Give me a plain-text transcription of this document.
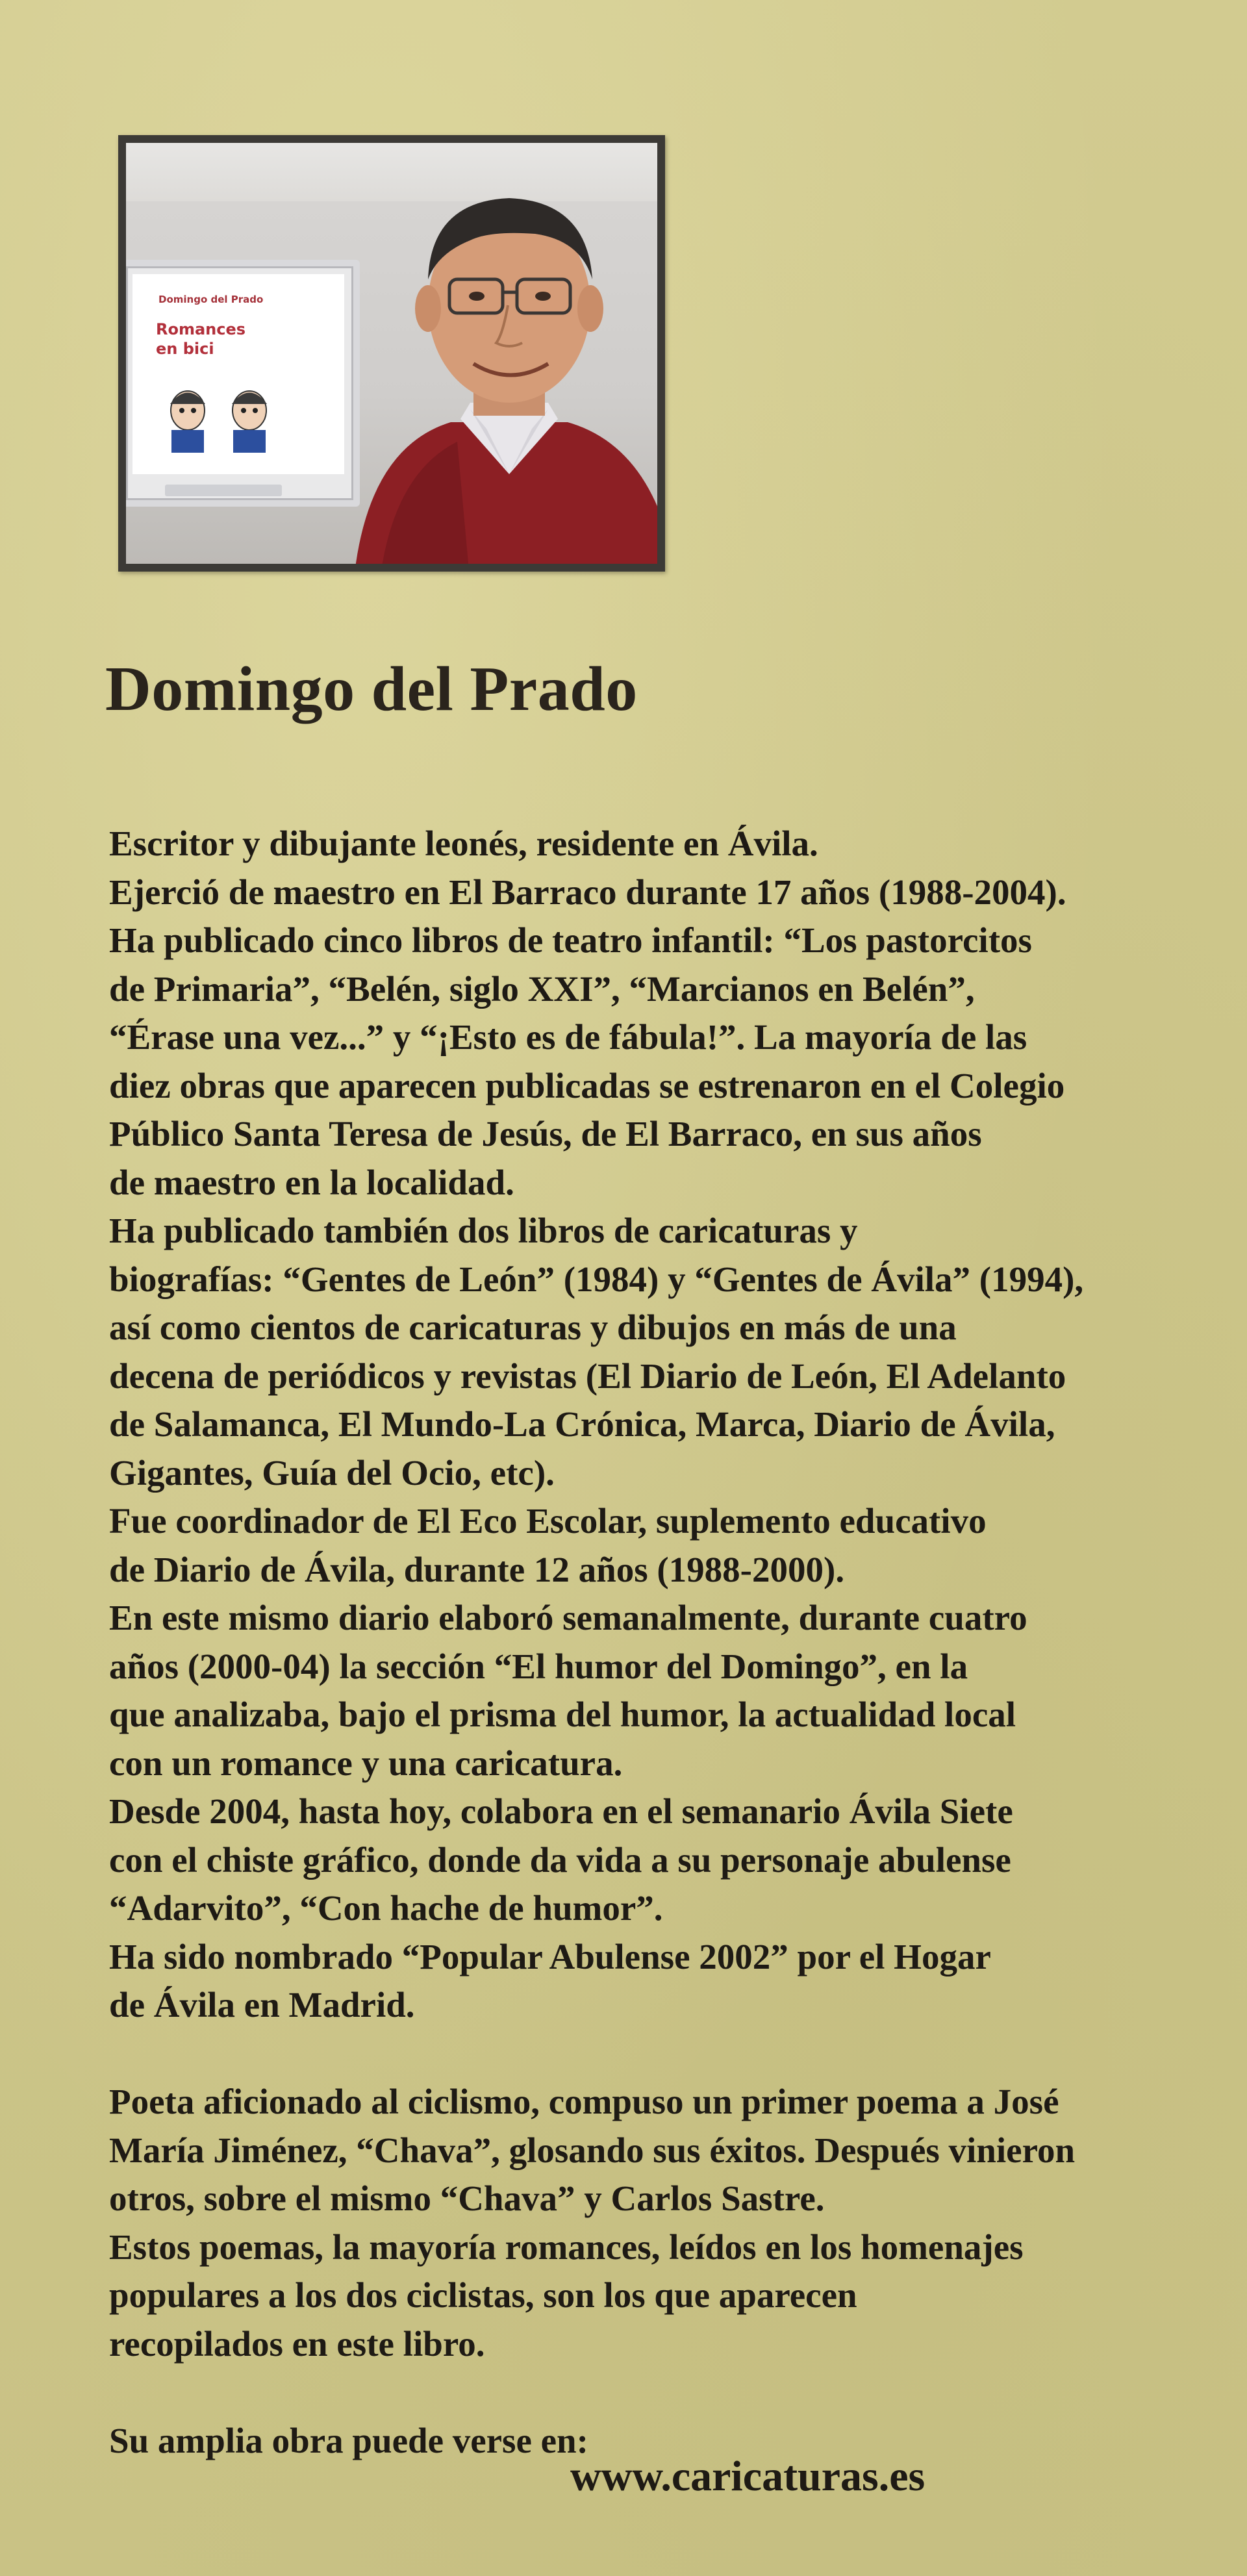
Domingo del Prado
Romances
en bici
Domingo del Prado
Escritor y dibujante leonés, residente en Ávila.
Ejerció de maestro en El Barraco durante 17 años (1988-2004).
Ha publicado cinco libros de teatro infantil: “Los pastorcitos
de Primaria”, “Belén, siglo XXI”, “Marcianos en Belén”,
“Érase una vez...” y “¡Esto es de fábula!”. La mayoría de las
diez obras que aparecen publicadas se estrenaron en el Colegio
Público Santa Teresa de Jesús, de El Barraco, en sus años
de maestro en la localidad.
Ha publicado también dos libros de caricaturas y
biografías: “Gentes de León” (1984) y “Gentes de Ávila” (1994),
así como cientos de caricaturas y dibujos en más de una
decena de periódicos y revistas (El Diario de León, El Adelanto
de Salamanca, El Mundo-La Crónica, Marca, Diario de Ávila,
Gigantes, Guía del Ocio, etc).
Fue coordinador de El Eco Escolar, suplemento educativo
de Diario de Ávila, durante 12 años (1988-2000).
En este mismo diario elaboró semanalmente, durante cuatro
años (2000-04) la sección “El humor del Domingo”, en la
que analizaba, bajo el prisma del humor, la actualidad local
con un romance y una caricatura.
Desde 2004, hasta hoy, colabora en el semanario Ávila Siete
con el chiste gráfico, donde da vida a su personaje abulense
“Adarvito”, “Con hache de humor”.
Ha sido nombrado “Popular Abulense 2002” por el Hogar
de Ávila en Madrid.
Poeta aficionado al ciclismo, compuso un primer poema a José
María Jiménez, “Chava”, glosando sus éxitos. Después vinieron
otros, sobre el mismo “Chava” y Carlos Sastre.
Estos poemas, la mayoría romances, leídos en los homenajes
populares a los dos ciclistas, son los que aparecen
recopilados en este libro.
Su amplia obra puede verse en:
www.caricaturas.es
